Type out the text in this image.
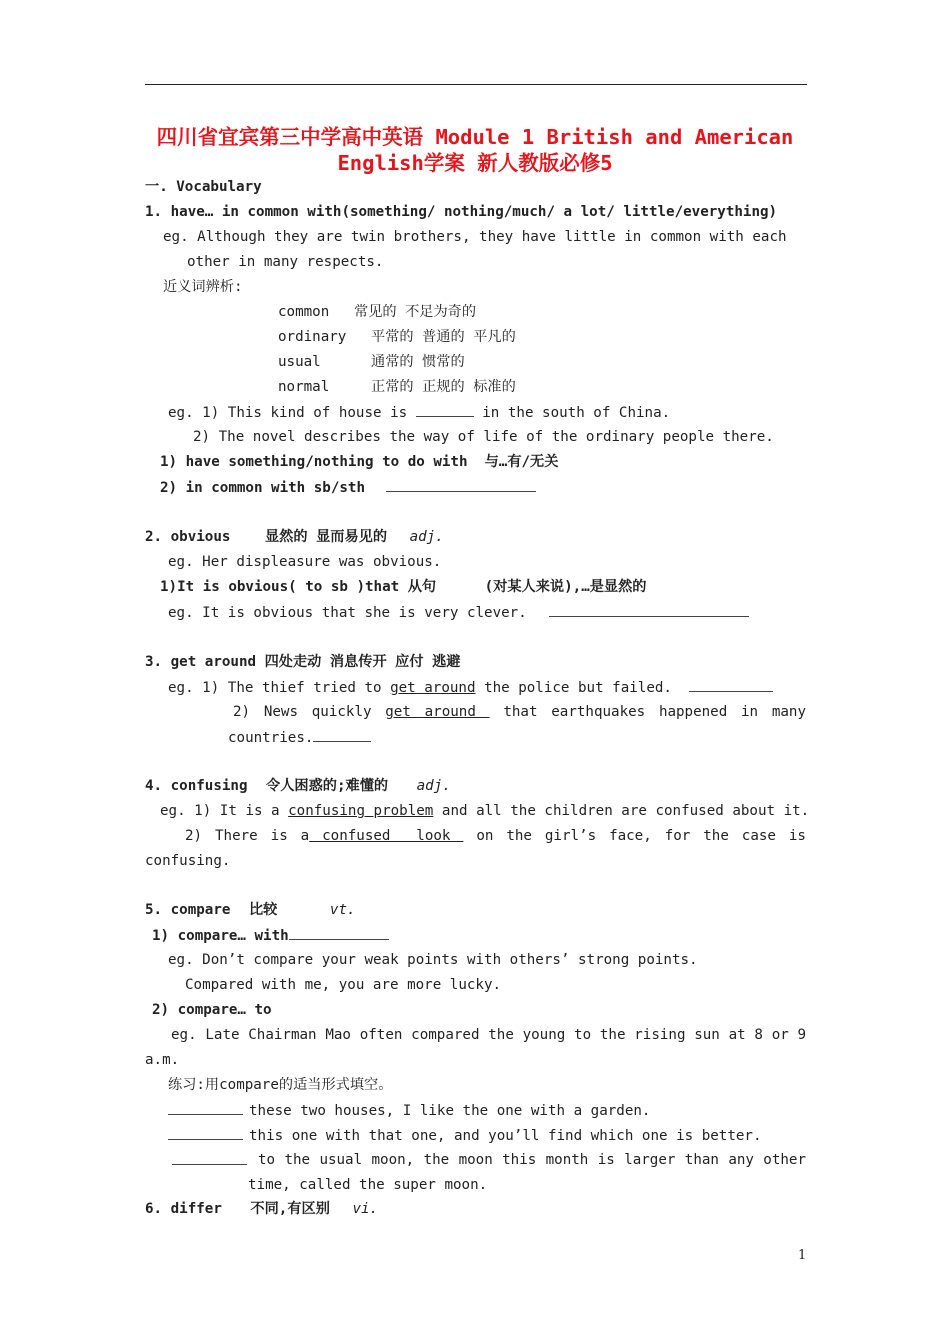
四川省宜宾第三中学高中英语 Module 1 British and American
English学案 新人教版必修5
一. Vocabulary
1. have… in common with(something/ nothing/much/ a lot/ little/everything)
eg. Although they are twin brothers, they have little in common with each
other in many respects.
近义词辨析:
common 常见的 不足为奇的
ordinary 平常的 普通的 平凡的
usual	通常的 惯常的
normal	正常的 正规的 标准的
eg. 1) This kind of house is	in the south of China.
2) The novel describes the way of life of the ordinary people there.
1) have something/nothing to do with 与…有/无关
2) in common with sb/sth
2. obvious 显然的 显而易见的 adj.
eg. Her displeasure was obvious.
1)It is obvious( to sb )that 从句	(对某人来说),…是显然的
eg. It is obvious that she is very clever.
3. get around 四处走动 消息传开 应付 逃避
eg. 1) The thief tried to get around the police but failed.
2) News quickly get around  that earthquakes happened in many
countries.
4. confusing 令人困惑的;难懂的 adj.
eg. 1) It is a confusing problem and all the children are confused about it.
2) There is a confused  look  on the girl’s face, for the case is
confusing.
5. compare 比较	vt.
1) compare… with
eg. Don’t compare your weak points with others’ strong points.
Compared with me, you are more lucky.
2) compare… to
eg. Late Chairman Mao often compared the young to the rising sun at 8 or 9
a.m.
练习:用compare的适当形式填空。
these two houses, I like the one with a garden.
this one with that one, and you’ll find which one is better.
to the usual moon, the moon this month is larger than any other
time, called the super moon.
6. differ 不同,有区别 vi.
1
